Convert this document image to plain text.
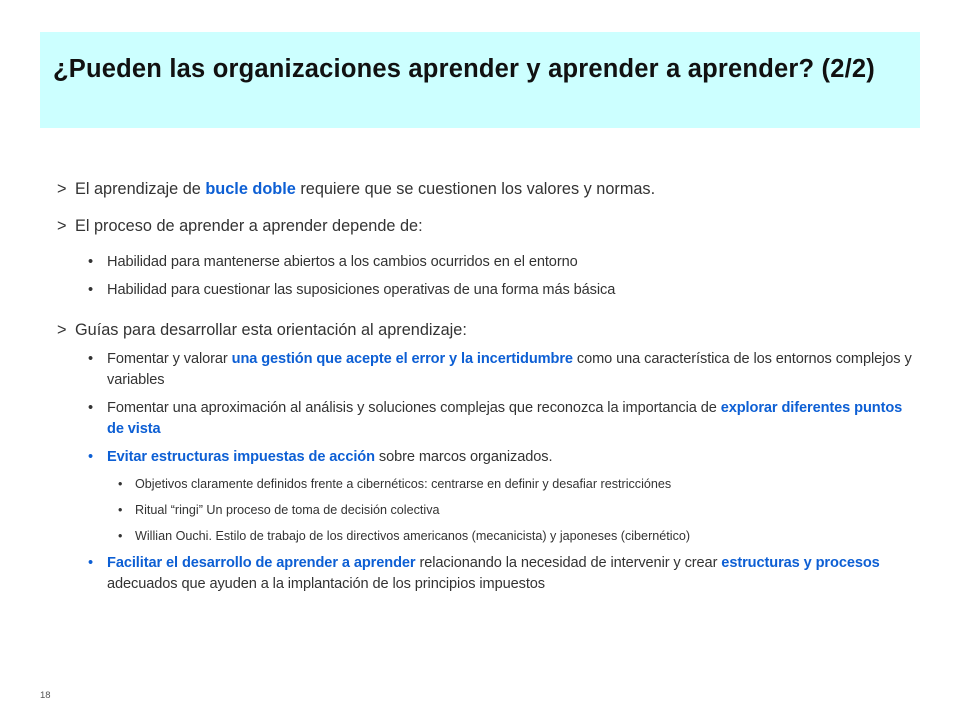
¿Pueden las organizaciones aprender y aprender a aprender? (2/2)

> El aprendizaje de bucle doble requiere que se cuestionen los valores y normas.

> El proceso de aprender a aprender depende de:

• Habilidad para mantenerse abiertos a los cambios ocurridos en el entorno

• Habilidad para cuestionar las suposiciones operativas de una forma más básica

> Guías para desarrollar esta orientación al aprendizaje:

• Fomentar y valorar una gestión que acepte el error y la incertidumbre como una característica de los entornos complejos y variables

• Fomentar una aproximación al análisis y soluciones complejas que reconozca la importancia de explorar diferentes puntos de vista

• Evitar estructuras impuestas de acción sobre marcos organizados.

• Objetivos claramente definidos frente a cibernéticos: centrarse en definir y desafiar restricciónes

• Ritual “ringi” Un proceso de toma de decisión colectiva

• Willian Ouchi. Estilo de trabajo de los directivos americanos (mecanicista) y japoneses (cibernético)

• Facilitar el desarrollo de aprender a aprender relacionando la necesidad de intervenir y crear estructuras y procesos adecuados que ayuden a la implantación de los principios impuestos

18
